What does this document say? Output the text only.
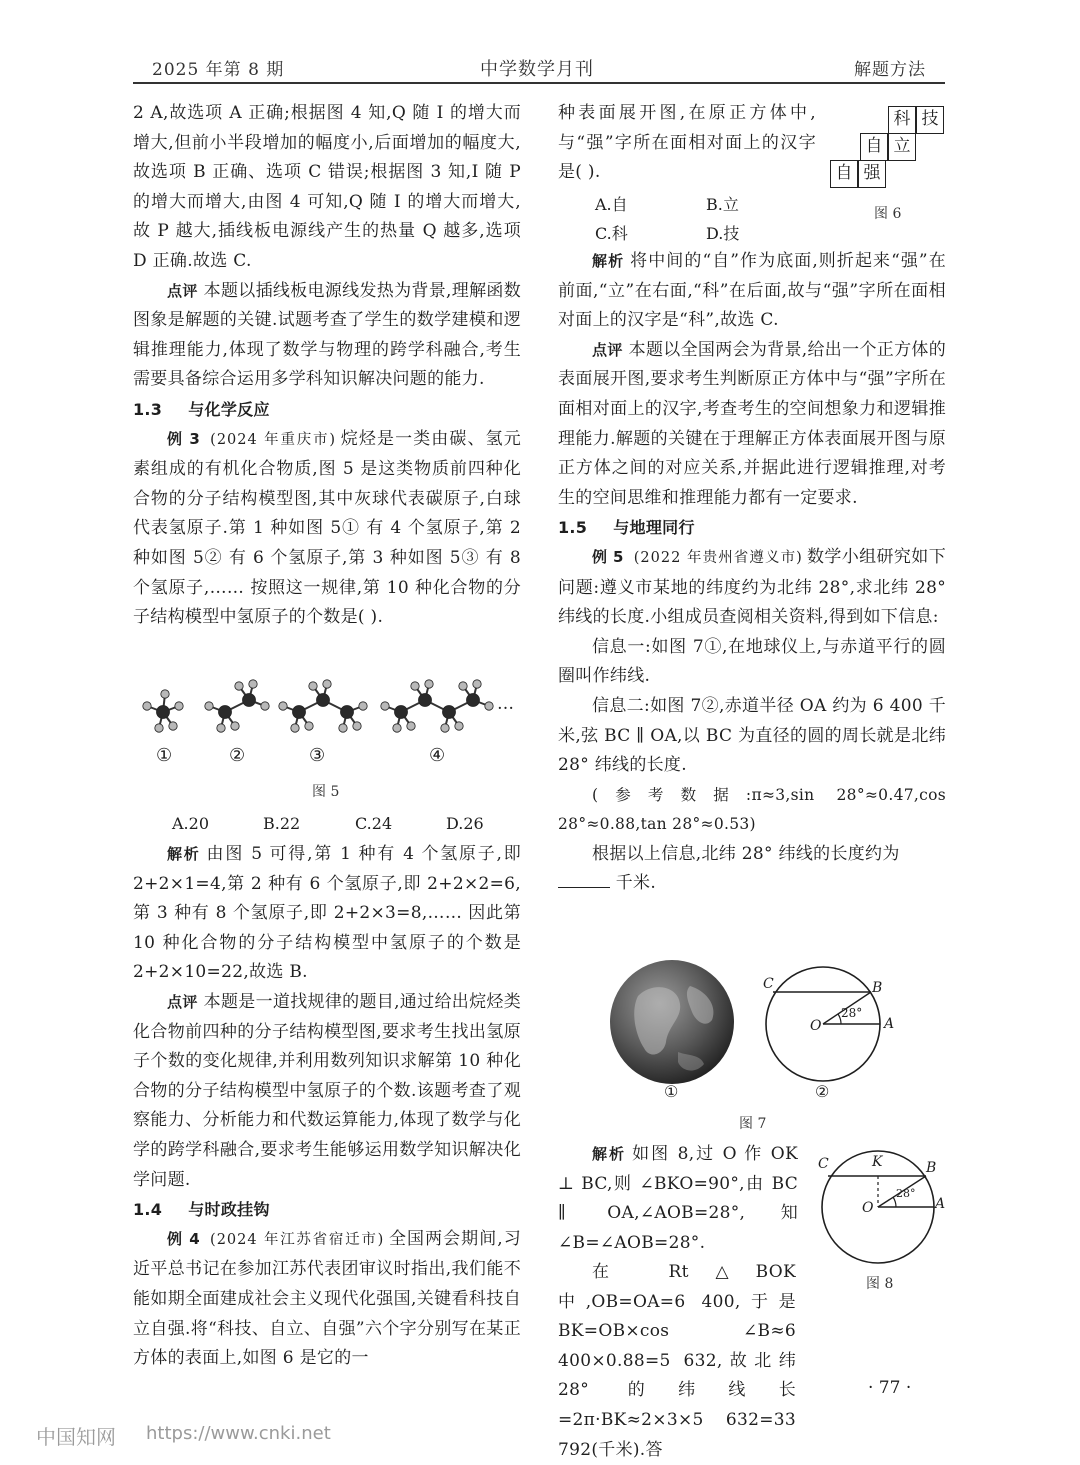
2025 年第 8 期	中学数学月刊	解题方法

2 A,故选项 A 正确;根据图 4 知,Q 随 I 的增大而增大,但前小半段增加的幅度小,后面增加的幅度大,故选项 B 正确、选项 C 错误;根据图 3 知,I 随 P 的增大而增大,由图 4 可知,Q 随 I 的增大而增大,故 P 越大,插线板电源线产生的热量 Q 越多,选项 D 正确.故选 C.

点评 本题以插线板电源线发热为背景,理解函数图象是解题的关键.试题考查了学生的数学建模和逻辑推理能力,体现了数学与物理的跨学科融合,考生需要具备综合运用多学科知识解决问题的能力.

1.3 与化学反应

例 3 (2024 年重庆市) 烷烃是一类由碳、氢元素组成的有机化合物质,图 5 是这类物质前四种化合物的分子结构模型图,其中灰球代表碳原子,白球代表氢原子.第 1 种如图 5① 有 4 个氢原子,第 2 种如图 5② 有 6 个氢原子,第 3 种如图 5③ 有 8 个氢原子,…… 按照这一规律,第 10 种化合物的分子结构模型中氢原子的个数是( ).

①	②	③	④
…
图 5
A.20	B.22	C.24	D.26

解析 由图 5 可得,第 1 种有 4 个氢原子,即 2+2×1=4,第 2 种有 6 个氢原子,即 2+2×2=6,第 3 种有 8 个氢原子,即 2+2×3=8,…… 因此第 10 种化合物的分子结构模型中氢原子的个数是 2+2×10=22,故选 B.

点评 本题是一道找规律的题目,通过给出烷烃类化合物前四种的分子结构模型图,要求考生找出氢原子个数的变化规律,并利用数列知识求解第 10 种化合物的分子结构模型中氢原子的个数.该题考查了观察能力、分析能力和代数运算能力,体现了数学与化学的跨学科融合,要求考生能够运用数学知识解决化学问题.

1.4 与时政挂钩

例 4 (2024 年江苏省宿迁市) 全国两会期间,习近平总书记在参加江苏代表团审议时指出,我们能不能如期全面建成社会主义现代化强国,关键看科技自立自强.将“科技、自立、自强”六个字分别写在某正方体的表面上,如图 6 是它的一

种表面展开图,在原正方体中,与“强”字所在面相对面上的汉字是( ).

科 技
自 立
自 强
图 6
A.自	B.立
C.科	D.技

解析 将中间的“自”作为底面,则折起来“强”在前面,“立”在右面,“科”在后面,故与“强”字所在面相对面上的汉字是“科”,故选 C.

点评 本题以全国两会为背景,给出一个正方体的表面展开图,要求考生判断原正方体中与“强”字所在面相对面上的汉字,考查考生的空间想象力和逻辑推理能力.解题的关键在于理解正方体表面展开图与原正方体之间的对应关系,并据此进行逻辑推理,对考生的空间思维和推理能力都有一定要求.

1.5 与地理同行

例 5 (2022 年贵州省遵义市) 数学小组研究如下问题:遵义市某地的纬度约为北纬 28°,求北纬 28° 纬线的长度.小组成员查阅相关资料,得到如下信息:

信息一:如图 7①,在地球仪上,与赤道平行的圆圈叫作纬线.

信息二:如图 7②,赤道半径 OA 约为 6 400 千米,弦 BC ∥ OA,以 BC 为直径的圆的周长就是北纬 28° 纬线的长度.

(参考数据:π≈3,sin 28°≈0.47,cos 28°≈0.88,tan 28°≈0.53)

根据以上信息,北纬 28° 纬线的长度约为
千米.

C	B
O	A
28°
①	②
图 7

解析 如图 8,过 O 作 OK ⊥ BC,则 ∠BKO=90°,由 BC ∥ OA,∠AOB=28°,知 ∠B=∠AOB=28°.

C	K	B
O	A
28°
图 8

在 Rt△BOK 中,OB=OA=6 400,于是 BK=OB×cos ∠B≈6 400×0.88=5 632,故北纬 28° 的纬线长=2π·BK≈2×3×5 632=33 792(千米).答

· 77 ·
中国知网 https://www.cnki.net
